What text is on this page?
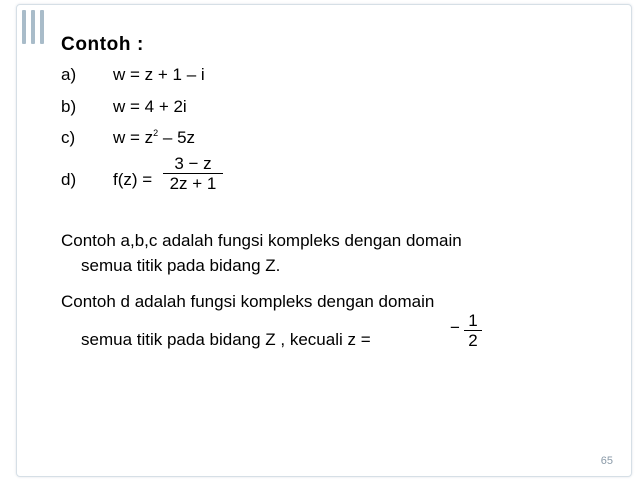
Contoh :
a) w = z + 1 – i
b) w = 4 + 2i
c) $w = z^2 - 5z$
d) f(z) =
3 − z
2z + 1
Contoh a,b,c adalah fungsi kompleks dengan domain
semua titik pada bidang Z.
Contoh d adalah fungsi kompleks dengan domain
semua titik pada bidang Z , kecuali z =
− 1
2
65
